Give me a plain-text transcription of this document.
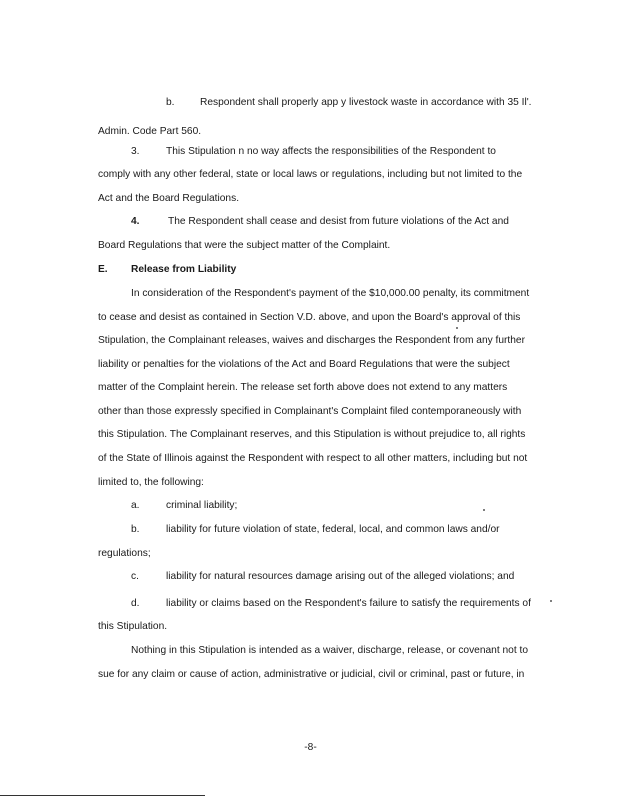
b.	Respondent shall properly app y livestock waste in accordance with 35 Il'.
Admin. Code Part 560.
3.	This Stipulation n no way affects the responsibilities of the Respondent to
comply with any other federal, state or local laws or regulations, including but not limited to the
Act and the Board Regulations.
4.	The Respondent shall cease and desist from future violations of the Act and
Board Regulations that were the subject matter of the Complaint.
E. Release from Liability
In consideration of the Respondent's payment of the $10,000.00 penalty, its commitment
to cease and desist as contained in Section V.D. above, and upon the Board's approval of this
Stipulation, the Complainant releases, waives and discharges the Respondent from any further
liability or penalties for the violations of the Act and Board Regulations that were the subject
matter of the Complaint herein. The release set forth above does not extend to any matters
other than those expressly specified in Complainant's Complaint filed contemporaneously with
this Stipulation. The Complainant reserves, and this Stipulation is without prejudice to, all rights
of the State of Illinois against the Respondent with respect to all other matters, including but not
limited to, the following:
a.	criminal liability;
b.	liability for future violation of state, federal, local, and common laws and/or
regulations;
c.	liability for natural resources damage arising out of the alleged violations; and
d.	liability or claims based on the Respondent's failure to satisfy the requirements of
this Stipulation.
Nothing in this Stipulation is intended as a waiver, discharge, release, or covenant not to
sue for any claim or cause of action, administrative or judicial, civil or criminal, past or future, in
-8-
